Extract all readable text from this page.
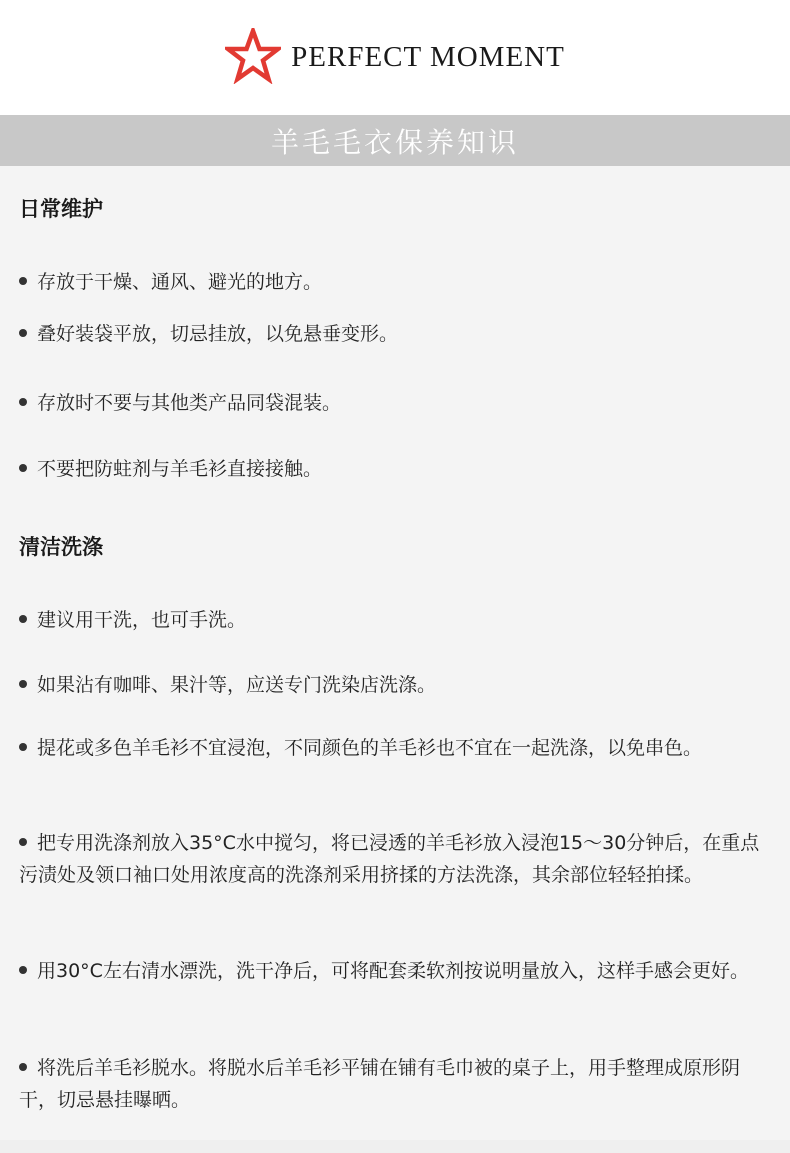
PERFECT MOMENT
羊毛毛衣保养知识

日常维护

存放于干燥、通风、避光的地方。

叠好装袋平放，切忌挂放，以免悬垂变形。

存放时不要与其他类产品同袋混装。

不要把防蛀剂与羊毛衫直接接触。

清洁洗涤

建议用干洗，也可手洗。

如果沾有咖啡、果汁等，应送专门洗染店洗涤。

提花或多色羊毛衫不宜浸泡，不同颜色的羊毛衫也不宜在一起洗涤，以免串色。

把专用洗涤剂放入35°C水中搅匀，将已浸透的羊毛衫放入浸泡15～30分钟后，在重点污渍处及领口袖口处用浓度高的洗涤剂采用挤揉的方法洗涤，其余部位轻轻拍揉。

用30°C左右清水漂洗，洗干净后，可将配套柔软剂按说明量放入，这样手感会更好。

将洗后羊毛衫脱水。将脱水后羊毛衫平铺在铺有毛巾被的桌子上，用手整理成原形阴干，切忌悬挂曝晒。
